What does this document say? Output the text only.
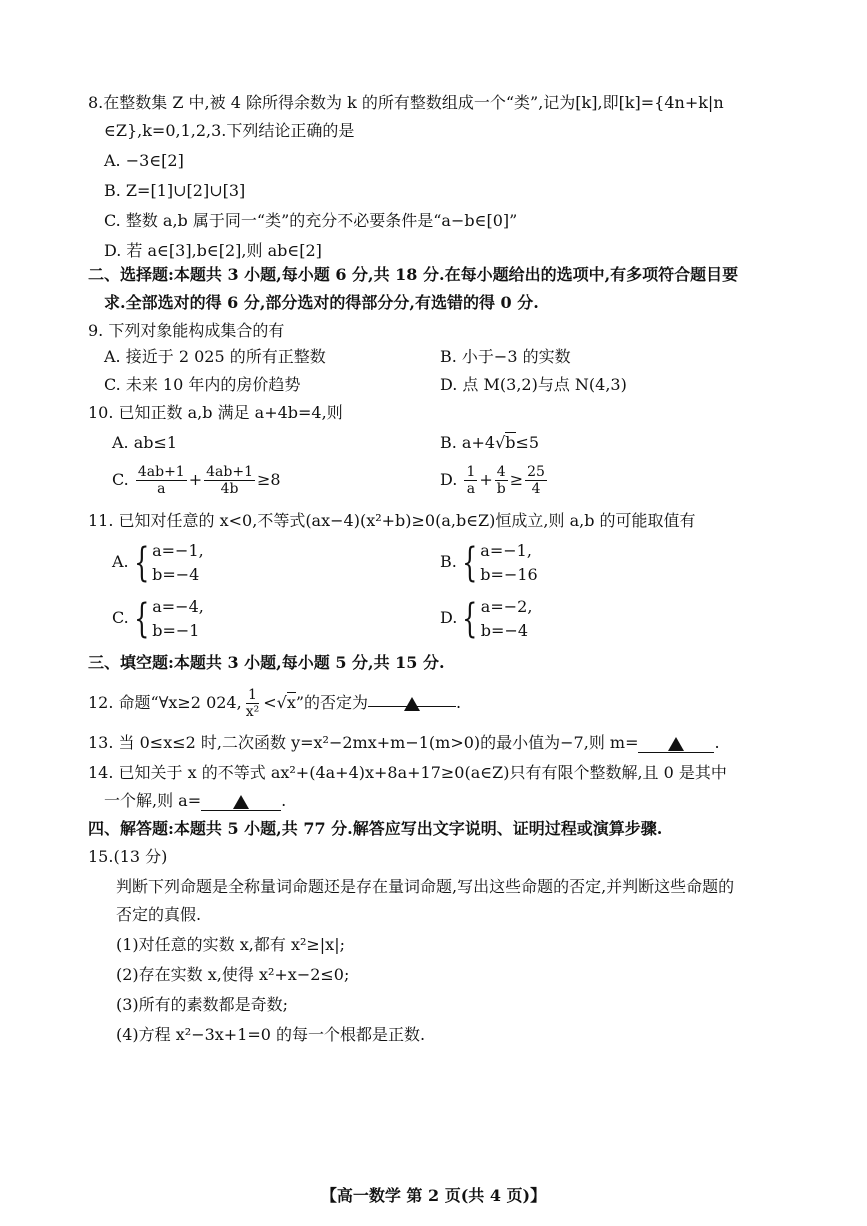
8.在整数集 Z 中,被 4 除所得余数为 k 的所有整数组成一个“类”,记为[k],即[k]={4n+k|n
∈Z},k=0,1,2,3.下列结论正确的是
A. −3∈[2]
B. Z=[1]∪[2]∪[3]
C. 整数 a,b 属于同一“类”的充分不必要条件是“a−b∈[0]”
D. 若 a∈[3],b∈[2],则 ab∈[2]
二、选择题:本题共 3 小题,每小题 6 分,共 18 分.在每小题给出的选项中,有多项符合题目要
求.全部选对的得 6 分,部分选对的得部分分,有选错的得 0 分.
9. 下列对象能构成集合的有
A. 接近于 2 025 的所有正整数	B. 小于−3 的实数
C. 未来 10 年内的房价趋势	D. 点 M(3,2)与点 N(4,3)
10. 已知正数 a,b 满足 a+4b=4,则
A. ab≤1	B. a+4√b≤5
C. $\frac{4ab+1}{a} + \frac{4ab+1}{4b} \ge 8$	D. $\frac{1}{a} + \frac{4}{b} \ge \frac{25}{4}$
11. 已知对任意的 x<0,不等式(ax−4)(x²+b)≥0(a,b∈Z)恒成立,则 a,b 的可能取值有
A. { a=−1,
b=−4
B. { a=−1,
b=−16
C. { a=−4,
b=−1
D. { a=−2,
b=−4
三、填空题:本题共 3 小题,每小题 5 分,共 15 分.
12. 命题“∀x≥2 024, $\frac{1}{\text{x²}} <√x$”的否定为	.
13. 当 0≤x≤2 时,二次函数 y=x²−2mx+m−1(m>0)的最小值为−7,则 m=	.
14. 已知关于 x 的不等式 ax²+(4a+4)x+8a+17≥0(a∈Z)只有有限个整数解,且 0 是其中
一个解,则 a=	.
四、解答题:本题共 5 小题,共 77 分.解答应写出文字说明、证明过程或演算步骤.
15.(13 分)
判断下列命题是全称量词命题还是存在量词命题,写出这些命题的否定,并判断这些命题的
否定的真假.
(1)对任意的实数 x,都有 x²≥|x|;
(2)存在实数 x,使得 x²+x−2≤0;
(3)所有的素数都是奇数;
(4)方程 x²−3x+1=0 的每一个根都是正数.
【高一数学 第 2 页(共 4 页)】
